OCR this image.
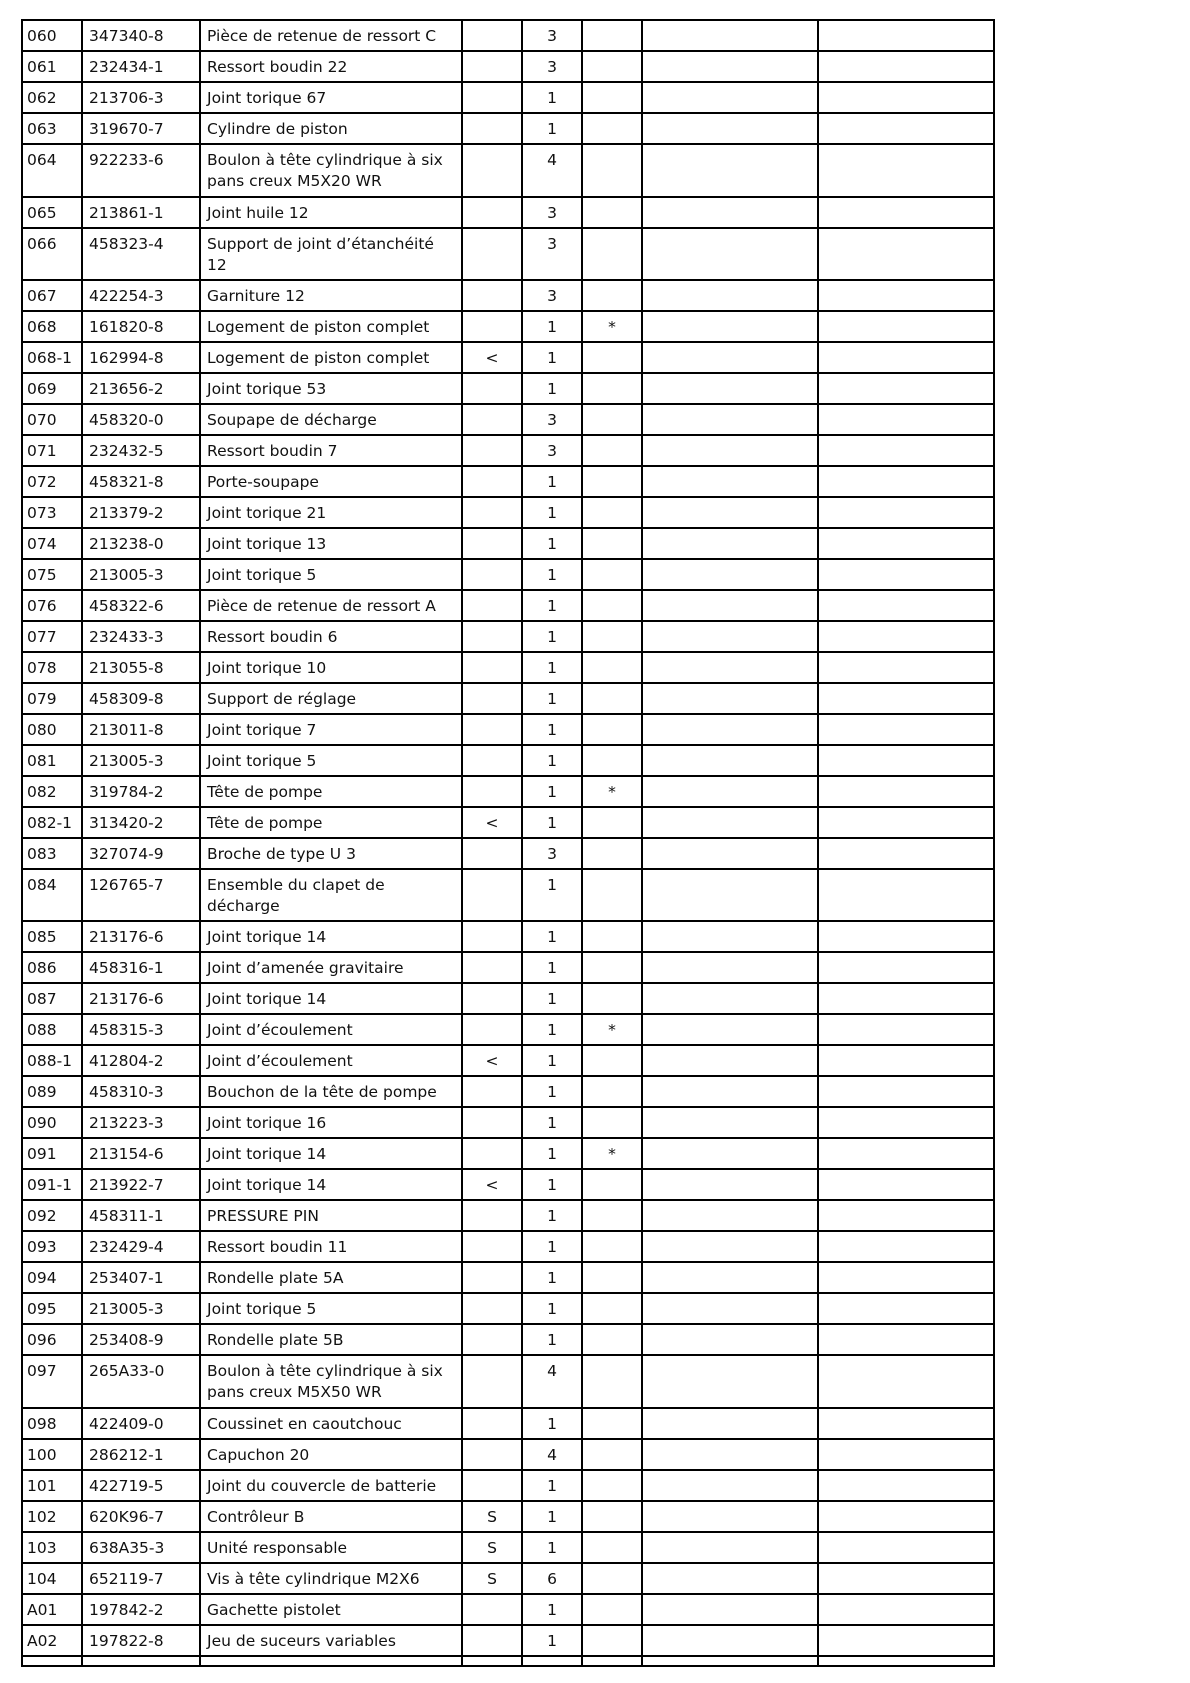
060	347340-8	Pièce de retenue de ressort C		3			
061	232434-1	Ressort boudin 22		3			
062	213706-3	Joint torique 67		1			
063	319670-7	Cylindre de piston		1			
064	922233-6	Boulon à tête cylindrique à six pans creux M5X20 WR		4			
065	213861-1	Joint huile 12		3			
066	458323-4	Support de joint d’étanchéité 12		3			
067	422254-3	Garniture 12		3			
068	161820-8	Logement de piston complet		1	*		
068-1	162994-8	Logement de piston complet	<	1			
069	213656-2	Joint torique 53		1			
070	458320-0	Soupape de décharge		3			
071	232432-5	Ressort boudin 7		3			
072	458321-8	Porte-soupape		1			
073	213379-2	Joint torique 21		1			
074	213238-0	Joint torique 13		1			
075	213005-3	Joint torique 5		1			
076	458322-6	Pièce de retenue de ressort A		1			
077	232433-3	Ressort boudin 6		1			
078	213055-8	Joint torique 10		1			
079	458309-8	Support de réglage		1			
080	213011-8	Joint torique 7		1			
081	213005-3	Joint torique 5		1			
082	319784-2	Tête de pompe		1	*		
082-1	313420-2	Tête de pompe	<	1			
083	327074-9	Broche de type U 3		3			
084	126765-7	Ensemble du clapet de décharge		1			
085	213176-6	Joint torique 14		1			
086	458316-1	Joint d’amenée gravitaire		1			
087	213176-6	Joint torique 14		1			
088	458315-3	Joint d’écoulement		1	*		
088-1	412804-2	Joint d’écoulement	<	1			
089	458310-3	Bouchon de la tête de pompe		1			
090	213223-3	Joint torique 16		1			
091	213154-6	Joint torique 14		1	*		
091-1	213922-7	Joint torique 14	<	1			
092	458311-1	PRESSURE PIN		1			
093	232429-4	Ressort boudin 11		1			
094	253407-1	Rondelle plate 5A		1			
095	213005-3	Joint torique 5		1			
096	253408-9	Rondelle plate 5B		1			
097	265A33-0	Boulon à tête cylindrique à six pans creux M5X50 WR		4			
098	422409-0	Coussinet en caoutchouc		1			
100	286212-1	Capuchon 20		4			
101	422719-5	Joint du couvercle de batterie		1			
102	620K96-7	Contrôleur B	S	1			
103	638A35-3	Unité responsable	S	1			
104	652119-7	Vis à tête cylindrique M2X6	S	6			
A01	197842-2	Gachette pistolet		1			
A02	197822-8	Jeu de suceurs variables		1			
